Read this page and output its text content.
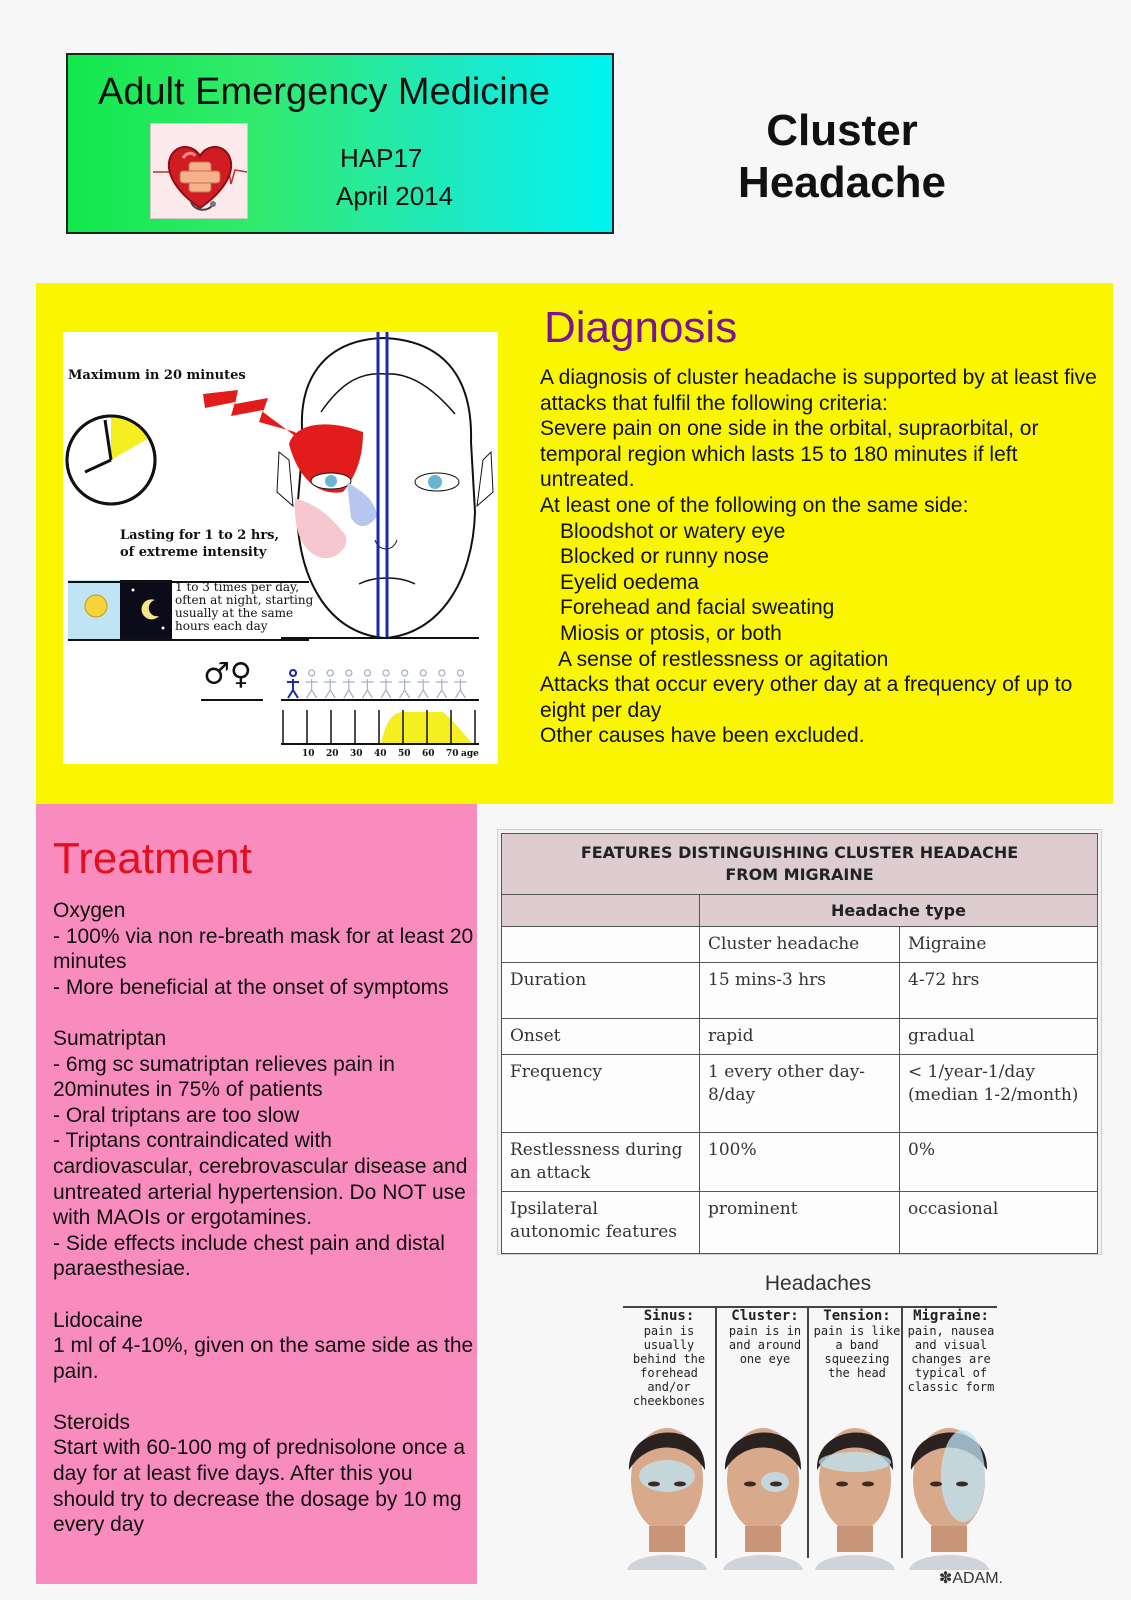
Adult Emergency Medicine
HAP17
April 2014
Cluster
Headache
Maximum in 20 minutes
Lasting for 1 to 2 hrs,
of extreme intensity
1 to 3 times per day,
often at night, starting
usually at the same
hours each day
♂♀
10 20 30 40 50 60 70 age
Diagnosis
A diagnosis of cluster headache is supported by at least five attacks that fulfil the following criteria:
Severe pain on one side in the orbital, supraorbital, or temporal region which lasts 15 to 180 minutes if left untreated.
At least one of the following on the same side:
Bloodshot or watery eye
Blocked or runny nose
Eyelid oedema
Forehead and facial sweating
Miosis or ptosis, or both
A sense of restlessness or agitation
Attacks that occur every other day at a frequency of up to eight per day
Other causes have been excluded.
Treatment
Oxygen
- 100% via non re-breath mask for at least 20 minutes
- More beneficial at the onset of symptoms
Sumatriptan
- 6mg sc sumatriptan relieves pain in 20minutes in 75% of patients
- Oral triptans are too slow
- Triptans contraindicated with cardiovascular, cerebrovascular disease and untreated arterial hypertension. Do NOT use with MAOIs or ergotamines.
- Side effects include chest pain and distal paraesthesiae.
Lidocaine
1 ml of 4-10%, given on the same side as the pain.
Steroids
Start with 60-100 mg of prednisolone once a day for at least five days. After this you should try to decrease the dosage by 10 mg every day
FEATURES DISTINGUISHING CLUSTER HEADACHE
FROM MIGRAINE		

	Headache type	
	Cluster headache	Migraine
Duration	15 mins-3 hrs	4-72 hrs
Onset	rapid	gradual
Frequency	1 every other day-8/day	< 1/year-1/day (median 1-2/month)
Restlessness during an attack	100%	0%
Ipsilateral autonomic features	prominent	occasional
Headaches
Sinus:
pain is usually behind the forehead and/or cheekbones
Cluster:
pain is in and around one eye
Tension:
pain is like a band squeezing the head
Migraine:
pain, nausea and visual changes are typical of classic form
✽ADAM.
